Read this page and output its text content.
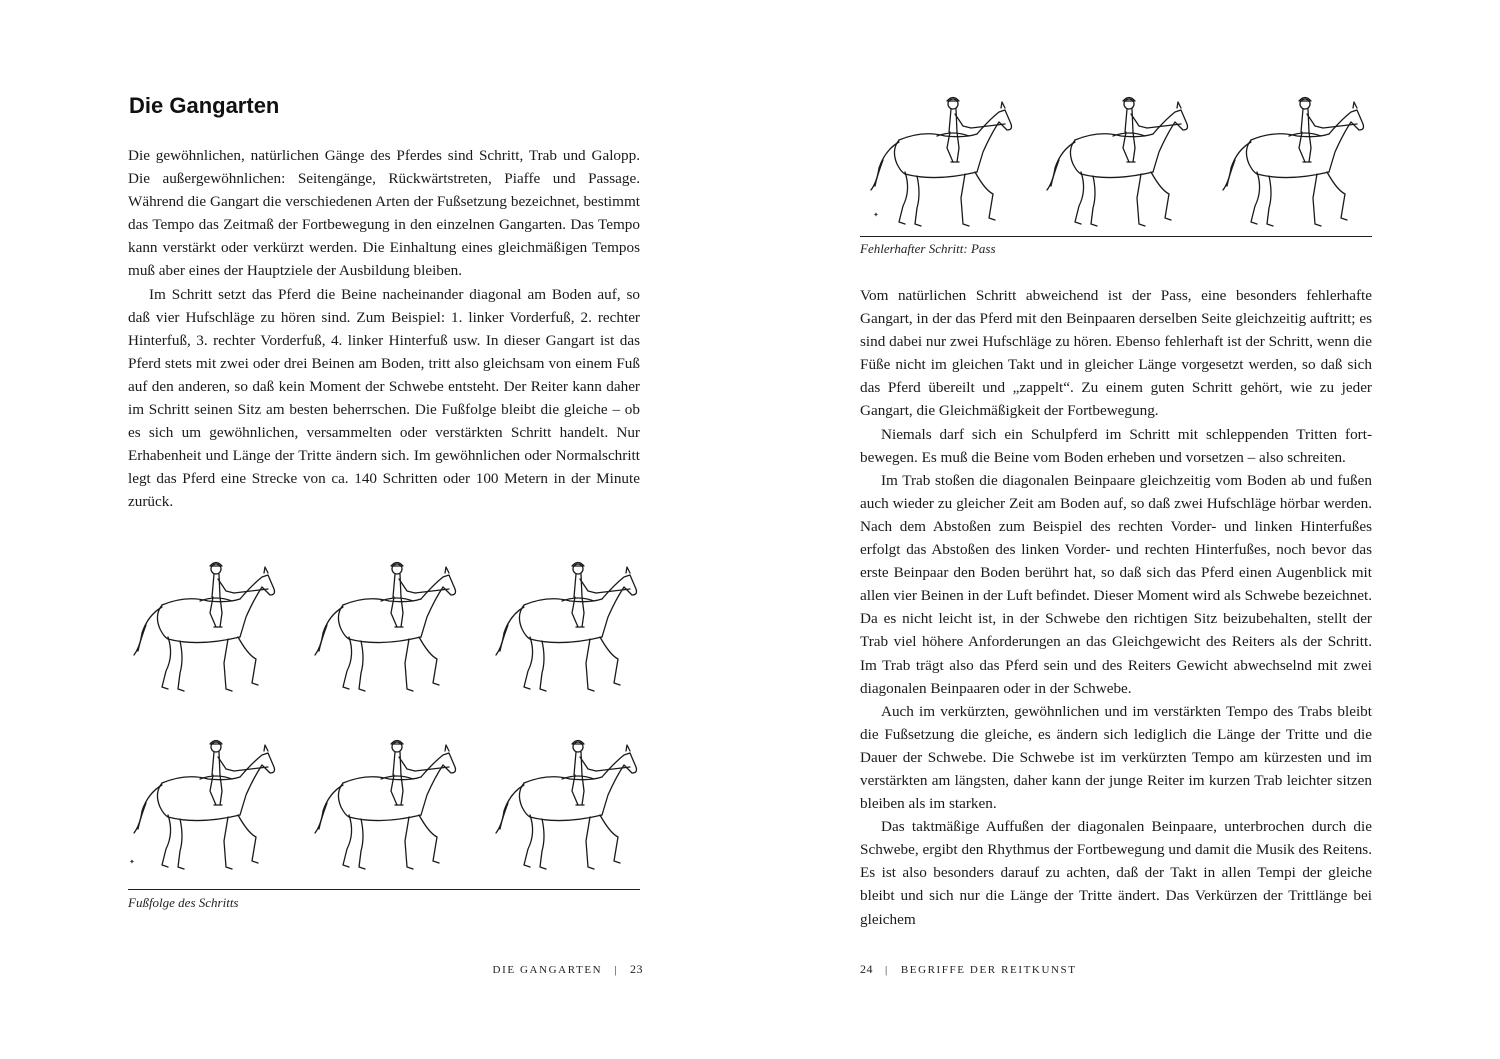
Die Gangarten

Die gewöhnlichen, natürlichen Gänge des Pferdes sind Schritt, Trab und Galopp. Die außergewöhnlichen: Seitengänge, Rückwärtstreten, Piaffe und Passage. Während die Gangart die verschiedenen Arten der Fußsetzung bezeichnet, bestimmt das Tempo das Zeitmaß der Fortbewegung in den einzelnen Gangarten. Das Tempo kann verstärkt oder verkürzt werden. Die Einhaltung eines gleichmäßigen Tempos muß aber eines der Hauptziele der Ausbildung bleiben.

Im Schritt setzt das Pferd die Beine nacheinander diagonal am Boden auf, so daß vier Hufschläge zu hören sind. Zum Beispiel: 1. linker Vorderfuß, 2. rechter Hinterfuß, 3. rechter Vorderfuß, 4. linker Hinterfuß usw. In dieser Gangart ist das Pferd stets mit zwei oder drei Beinen am Boden, tritt also gleichsam von einem Fuß auf den anderen, so daß kein Moment der Schwebe entsteht. Der Reiter kann daher im Schritt seinen Sitz am besten beherrschen. Die Fußfolge bleibt die gleiche – ob es sich um gewöhnlichen, versammelten oder verstärkten Schritt handelt. Nur Erhabenheit und Länge der Tritte ändern sich. Im gewöhnlichen oder Normalschritt legt das Pferd eine Strecke von ca. 140 Schritten oder 100 Metern in der Minute zurück.

✦

Fußfolge des Schritts

DIE GANGARTEN | 23
✦

Fehlerhafter Schritt: Pass

Vom natürlichen Schritt abweichend ist der Pass, eine besonders fehlerhafte Gangart, in der das Pferd mit den Beinpaaren derselben Seite gleichzeitig auftritt; es sind dabei nur zwei Hufschläge zu hören. Ebenso fehlerhaft ist der Schritt, wenn die Füße nicht im gleichen Takt und in gleicher Länge vorgesetzt werden, so daß sich das Pferd übereilt und „zappelt“. Zu einem guten Schritt gehört, wie zu jeder Gangart, die Gleichmäßigkeit der Fortbewegung.

Niemals darf sich ein Schulpferd im Schritt mit schleppenden Tritten fortbewegen. Es muß die Beine vom Boden erheben und vorsetzen – also schreiten.

Im Trab stoßen die diagonalen Beinpaare gleichzeitig vom Boden ab und fußen auch wieder zu gleicher Zeit am Boden auf, so daß zwei Hufschläge hörbar werden. Nach dem Abstoßen zum Beispiel des rechten Vorder- und linken Hinterfußes erfolgt das Abstoßen des linken Vorder- und rechten Hinterfußes, noch bevor das erste Beinpaar den Boden berührt hat, so daß sich das Pferd einen Augenblick mit allen vier Beinen in der Luft befindet. Dieser Moment wird als Schwebe bezeichnet. Da es nicht leicht ist, in der Schwebe den richtigen Sitz beizubehalten, stellt der Trab viel höhere Anforderungen an das Gleichgewicht des Reiters als der Schritt. Im Trab trägt also das Pferd sein und des Reiters Gewicht abwechselnd mit zwei diagonalen Beinpaaren oder in der Schwebe.

Auch im verkürzten, gewöhnlichen und im verstärkten Tempo des Trabs bleibt die Fußsetzung die gleiche, es ändern sich lediglich die Länge der Tritte und die Dauer der Schwebe. Die Schwebe ist im verkürzten Tempo am kürzesten und im verstärkten am längsten, daher kann der junge Reiter im kurzen Trab leichter sitzen bleiben als im starken.

Das taktmäßige Auffußen der diagonalen Beinpaare, unterbrochen durch die Schwebe, ergibt den Rhythmus der Fortbewegung und damit die Musik des Reitens. Es ist also besonders darauf zu achten, daß der Takt in allen Tempi der gleiche bleibt und sich nur die Länge der Tritte ändert. Das Verkürzen der Trittlänge bei gleichem

24 | BEGRIFFE DER REITKUNST
